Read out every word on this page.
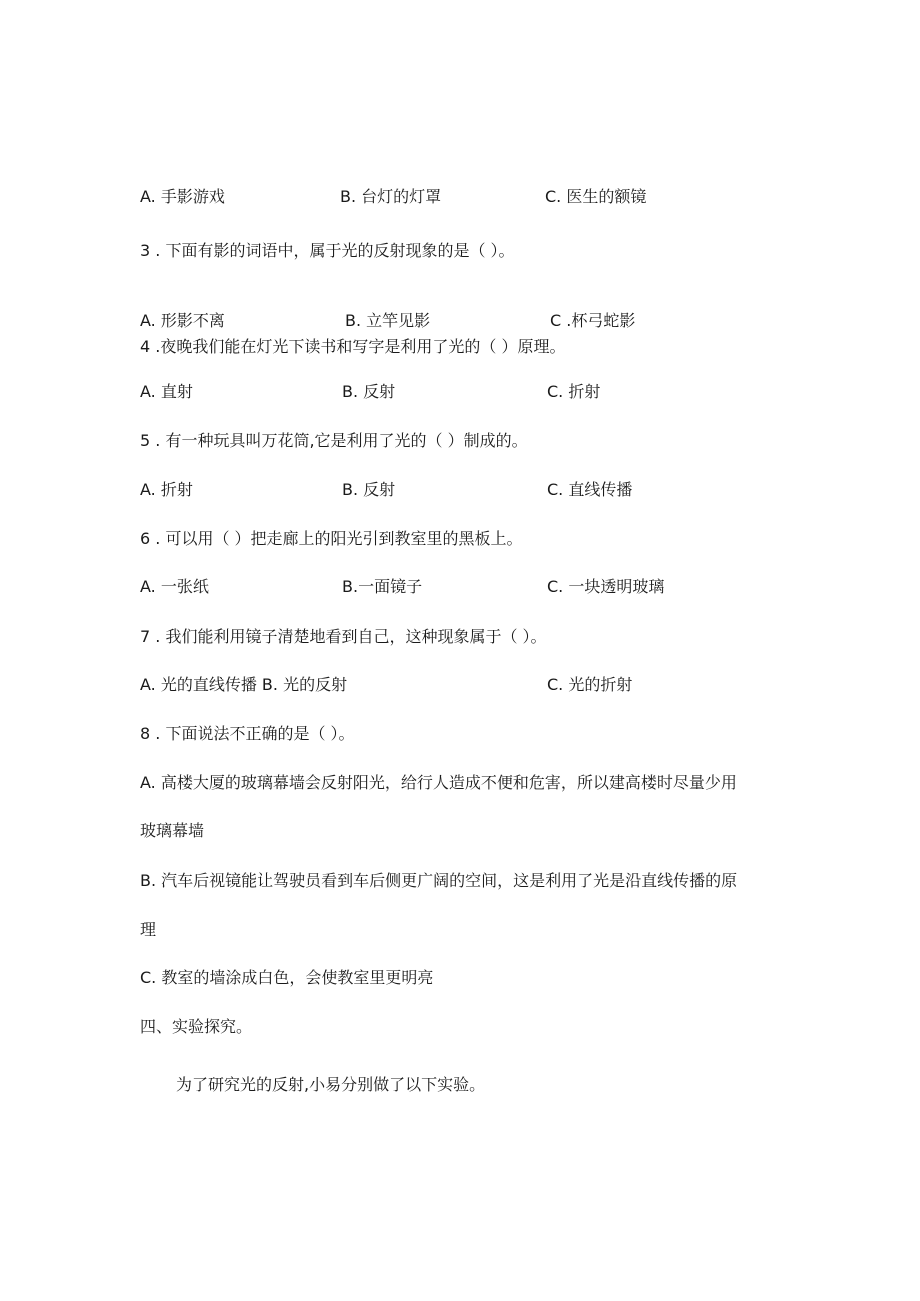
A. 手影游戏	B. 台灯的灯罩	C. 医生的额镜
3 . 下面有影的词语中，属于光的反射现象的是（ ）。
A. 形影不离	B. 立竿见影	C .杯弓蛇影
4 .夜晚我们能在灯光下读书和写字是利用了光的（ ）原理。
A. 直射	B. 反射	C. 折射
5 . 有一种玩具叫万花筒,它是利用了光的（ ）制成的。
A. 折射	B. 反射	C. 直线传播
6 . 可以用（ ）把走廊上的阳光引到教室里的黑板上。
A. 一张纸	B.一面镜子	C. 一块透明玻璃
7 . 我们能利用镜子清楚地看到自己，这种现象属于（ ）。
A. 光的直线传播 B. 光的反射	C. 光的折射
8 . 下面说法不正确的是（ ）。
A. 高楼大厦的玻璃幕墙会反射阳光，给行人造成不便和危害，所以建高楼时尽量少用
玻璃幕墙
B. 汽车后视镜能让驾驶员看到车后侧更广阔的空间，这是利用了光是沿直线传播的原
理
C. 教室的墙涂成白色，会使教室里更明亮
四、实验探究。
为了研究光的反射,小易分别做了以下实验。
